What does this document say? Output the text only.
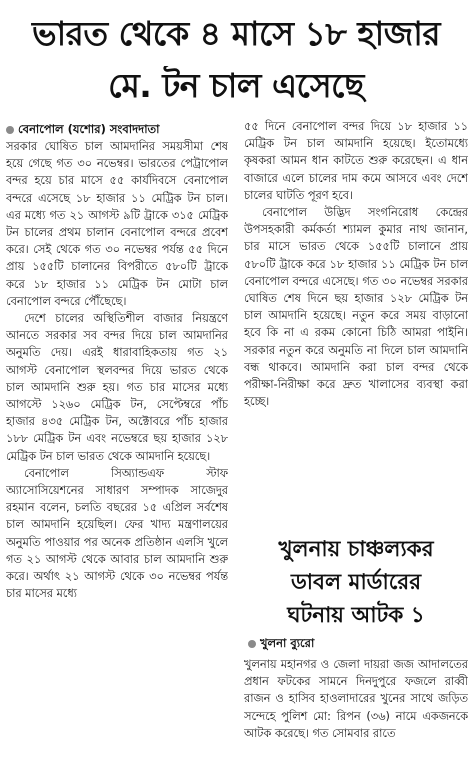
ভারত থেকে ৪ মাসে ১৮ হাজার
মে. টন চাল এসেছে
বেনাপোল (যশোর) সংবাদদাতা

সরকার ঘোষিত চাল আমদানির সময়সীমা শেষ হয়ে গেছে গত ৩০ নভেম্বর। ভারতের পেট্রাপোল বন্দর হয়ে চার মাসে ৫৫ কার্যদিবসে বেনাপোল বন্দরে এসেছে ১৮ হাজার ১১ মেট্রিক টন চাল। এর মধ্যে গত ২১ আগস্ট ৯টি ট্রাকে ৩১৫ মেট্রিক টন চালের প্রথম চালান বেনাপোল বন্দরে প্রবেশ করে। সেই থেকে গত ৩০ নভেম্বর পর্যন্ত ৫৫ দিনে প্রায় ১৫৫টি চালানের বিপরীতে ৫৮০টি ট্রাকে করে ১৮ হাজার ১১ মেট্রিক টন মোটা চাল বেনাপোল বন্দরে পৌঁছেছে।

দেশে চালের অস্থিতিশীল বাজার নিয়ন্ত্রণে আনতে সরকার সব বন্দর দিয়ে চাল আমদানির অনুমতি দেয়। এরই ধারাবাহিকতায় গত ২১ আগস্ট বেনাপোল স্থলবন্দর দিয়ে ভারত থেকে চাল আমদানি শুরু হয়। গত চার মাসের মধ্যে আগস্টে ১২৬০ মেট্রিক টন, সেপ্টেম্বরে পাঁচ হাজার ৪৩৫ মেট্রিক টন, অক্টোবরে পাঁচ হাজার ১৮৮ মেট্রিক টন এবং নভেম্বরে ছয় হাজার ১২৮ মেট্রিক টন চাল ভারত থেকে আমদানি হয়েছে।

বেনাপোল সিঅ্যান্ডএফ স্টাফ অ্যাসোসিয়েশনের সাধারণ সম্পাদক সাজেদুর রহমান বলেন, চলতি বছরের ১৫ এপ্রিল সর্বশেষ চাল আমদানি হয়েছিল। ফের খাদ্য মন্ত্রণালয়ের অনুমতি পাওয়ার পর অনেক প্রতিষ্ঠান এলসি খুলে গত ২১ আগস্ট থেকে আবার চাল আমদানি শুরু করে। অর্থাৎ ২১ আগস্ট থেকে ৩০ নভেম্বর পর্যন্ত চার মাসের মধ্যে

৫৫ দিনে বেনাপোল বন্দর দিয়ে ১৮ হাজার ১১ মেট্রিক টন চাল আমদানি হয়েছে। ইতোমধ্যে কৃষকরা আমন ধান কাটতে শুরু করেছেন। এ ধান বাজারে এলে চালের দাম কমে আসবে এবং দেশে চালের ঘাটতি পূরণ হবে।

বেনাপোল উদ্ভিদ সংগনিরোধ কেন্দ্রের উপসহকারী কর্মকর্তা শ্যামল কুমার নাথ জানান, চার মাসে ভারত থেকে ১৫৫টি চালানে প্রায় ৫৮০টি ট্রাকে করে ১৮ হাজার ১১ মেট্রিক টন চাল বেনাপোল বন্দরে এসেছে। গত ৩০ নভেম্বর সরকার ঘোষিত শেষ দিনে ছয় হাজার ১২৮ মেট্রিক টন চাল আমদানি হয়েছে। নতুন করে সময় বাড়ানো হবে কি না এ রকম কোনো চিঠি আমরা পাইনি। সরকার নতুন করে অনুমতি না দিলে চাল আমদানি বন্ধ থাকবে। আমদানি করা চাল বন্দর থেকে পরীক্ষা-নিরীক্ষা করে দ্রুত খালাসের ব্যবস্থা করা হচ্ছে।

খুলনায় চাঞ্চল্যকর
ডাবল মার্ডারের
ঘটনায় আটক ১
খুলনা ব্যুরো

খুলনায় মহানগর ও জেলা দায়রা জজ আদালতের প্রধান ফটকের সামনে দিনদুপুরে ফজলে রাব্বী রাজন ও হাসিব হাওলাদারের খুনের সাথে জড়িত সন্দেহে পুলিশ মো: রিপন (৩৬) নামে একজনকে আটক করেছে। গত সোমবার রাতে
